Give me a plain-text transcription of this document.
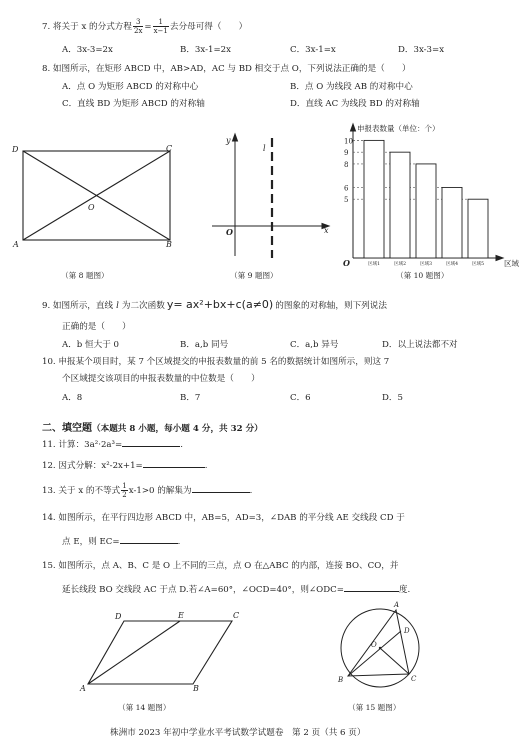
7. 将关于 x 的分式方程 $\frac{3}{2x} = \frac{1}{x-1}$ 去分母可得（　　）
A．3x-3=2x	B．3x-1=2x	C．3x-1=x	D．3x-3=x
8. 如图所示，在矩形 ABCD 中，AB>AD，AC 与 BD 相交于点 O，下列说法正确的是（　　）
A．点 O 为矩形 ABCD 的对称中心	B．点 O 为线段 AB 的对称中心
C．直线 BD 为矩形 ABCD 的对称轴	D．直线 AC 为线段 BD 的对称轴
D	C
A	B
O
（第 8 题图）
y
l
O	x
（第 9 题图）
5
6
8
9
10
区域1	区域2	区域3	区域4	区域5
申报表数量（单位：个）
区域
O
（第 10 题图）
9. 如图所示，直线 l 为二次函数 y= ax²+bx+c(a≠0) 的图象的对称轴，则下列说法
正确的是（　　）
A．b 恒大于 0	B．a,b 同号	C．a,b 异号	D．以上说法都不对
10. 申报某个项目时，某 7 个区域提交的申报表数量的前 5 名的数据统计如图所示，则这 7
个区域提交该项目的申报表数量的中位数是（　　）
A．8	B．7	C．6	D．5
二、填空题（本题共 8 小题，每小题 4 分，共 32 分）
11. 计算：3a²·2a³=	.
12. 因式分解：x²-2x+1=	.
13. 关于 x 的不等式 $\frac{1}{2} x-1>0$ 的解集为	.
14. 如图所示，在平行四边形 ABCD 中，AB=5，AD=3，∠DAB 的平分线 AE 交线段 CD 于
点 E，则 EC=	.
15. 如图所示，点 A、B、C 是 O 上不同的三点，点 O 在△ABC 的内部，连接 BO、CO，并
延长线段 BO 交线段 AC 于点 D.若∠A=60°，∠OCD=40°，则∠ODC=	度.
D	E	C
A	B
（第 14 题图）
A
O
D
B	C
（第 15 题图）
株洲市 2023 年初中学业水平考试数学试题卷　第 2 页（共 6 页）
